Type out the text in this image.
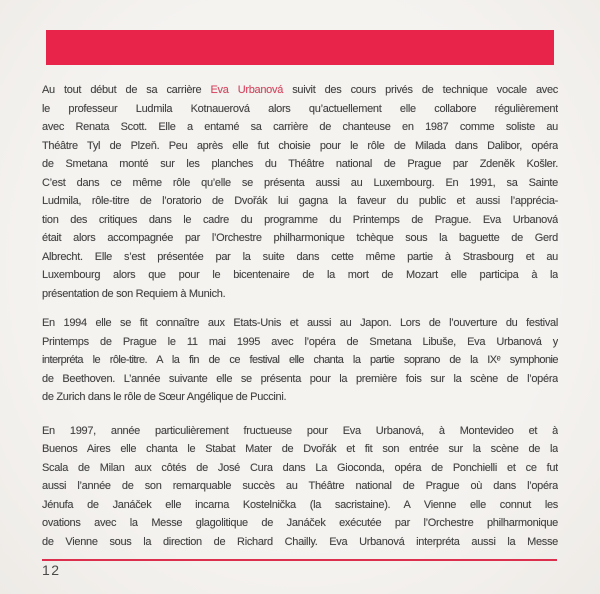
Au tout début de sa carrière Eva Urbanová suivit des cours privés de technique vocale avec
le professeur Ludmila Kotnauerová alors qu’actuellement elle collabore régulièrement
avec Renata Scott. Elle a entamé sa carrière de chanteuse en 1987 comme soliste au
Théâtre Tyl de Plzeň. Peu après elle fut choisie pour le rôle de Milada dans Dalibor, opéra
de Smetana monté sur les planches du Théâtre national de Prague par Zdeněk Košler.
C’est dans ce même rôle qu’elle se présenta aussi au Luxembourg. En 1991, sa Sainte
Ludmila, rôle-titre de l’oratorio de Dvořák lui gagna la faveur du public et aussi l’apprécia-
tion des critiques dans le cadre du programme du Printemps de Prague. Eva Urbanová
était alors accompagnée par l’Orchestre philharmonique tchèque sous la baguette de Gerd
Albrecht. Elle s’est présentée par la suite dans cette même partie à Strasbourg et au
Luxembourg alors que pour le bicentenaire de la mort de Mozart elle participa à la
présentation de son Requiem à Munich.
En 1994 elle se fit connaître aux Etats-Unis et aussi au Japon. Lors de l’ouverture du festival
Printemps de Prague le 11 mai 1995 avec l’opéra de Smetana Libuše, Eva Urbanová y
interpréta le rôle-titre. A la fin de ce festival elle chanta la partie soprano de la IXᵉ symphonie
de Beethoven. L’année suivante elle se présenta pour la première fois sur la scène de l’opéra
de Zurich dans le rôle de Sœur Angélique de Puccini.
En 1997, année particulièrement fructueuse pour Eva Urbanová, à Montevideo et à
Buenos Aires elle chanta le Stabat Mater de Dvořák et fit son entrée sur la scène de la
Scala de Milan aux côtés de José Cura dans La Gioconda, opéra de Ponchielli et ce fut
aussi l’année de son remarquable succès au Théâtre national de Prague où dans l’opéra
Jénufa de Janáček elle incarna Kostelnička (la sacristaine). A Vienne elle connut les
ovations avec la Messe glagolitique de Janáček exécutée par l’Orchestre philharmonique
de Vienne sous la direction de Richard Chailly. Eva Urbanová interpréta aussi la Messe
12
